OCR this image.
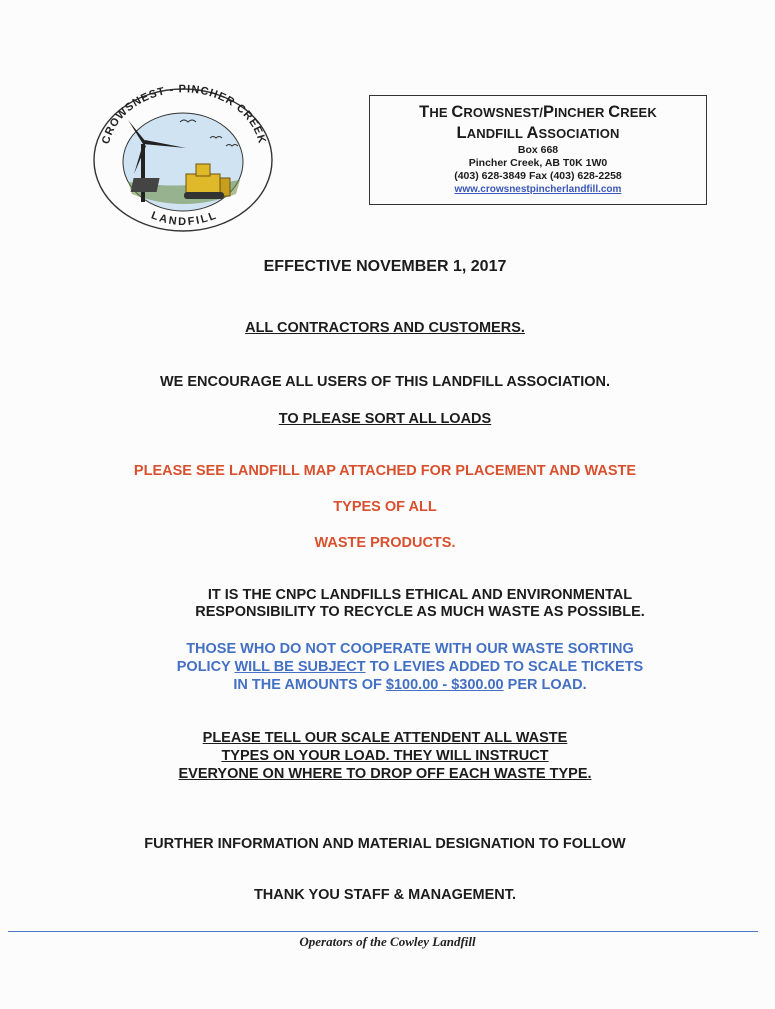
CROWSNEST - PINCHER CREEK
LANDFILL
THE CROWSNEST/PINCHER CREEK
LANDFILL ASSOCIATION
Box 668
Pincher Creek, AB T0K 1W0
(403) 628-3849 Fax (403) 628-2258
www.crowsnestpincherlandfill.com
EFFECTIVE NOVEMBER 1, 2017
ALL CONTRACTORS AND CUSTOMERS.
WE ENCOURAGE ALL USERS OF THIS LANDFILL ASSOCIATION.
TO PLEASE SORT ALL LOADS
PLEASE SEE LANDFILL MAP ATTACHED FOR PLACEMENT AND WASTE
TYPES OF ALL
WASTE PRODUCTS.
IT IS THE CNPC LANDFILLS ETHICAL AND ENVIRONMENTAL
RESPONSIBILITY TO RECYCLE AS MUCH WASTE AS POSSIBLE.
THOSE WHO DO NOT COOPERATE WITH OUR WASTE SORTING
POLICY WILL BE SUBJECT TO LEVIES ADDED TO SCALE TICKETS
IN THE AMOUNTS OF $100.00 - $300.00 PER LOAD.
PLEASE TELL OUR SCALE ATTENDENT ALL WASTE
TYPES ON YOUR LOAD. THEY WILL INSTRUCT
EVERYONE ON WHERE TO DROP OFF EACH WASTE TYPE.
FURTHER INFORMATION AND MATERIAL DESIGNATION TO FOLLOW
THANK YOU STAFF & MANAGEMENT.
Operators of the Cowley Landfill
